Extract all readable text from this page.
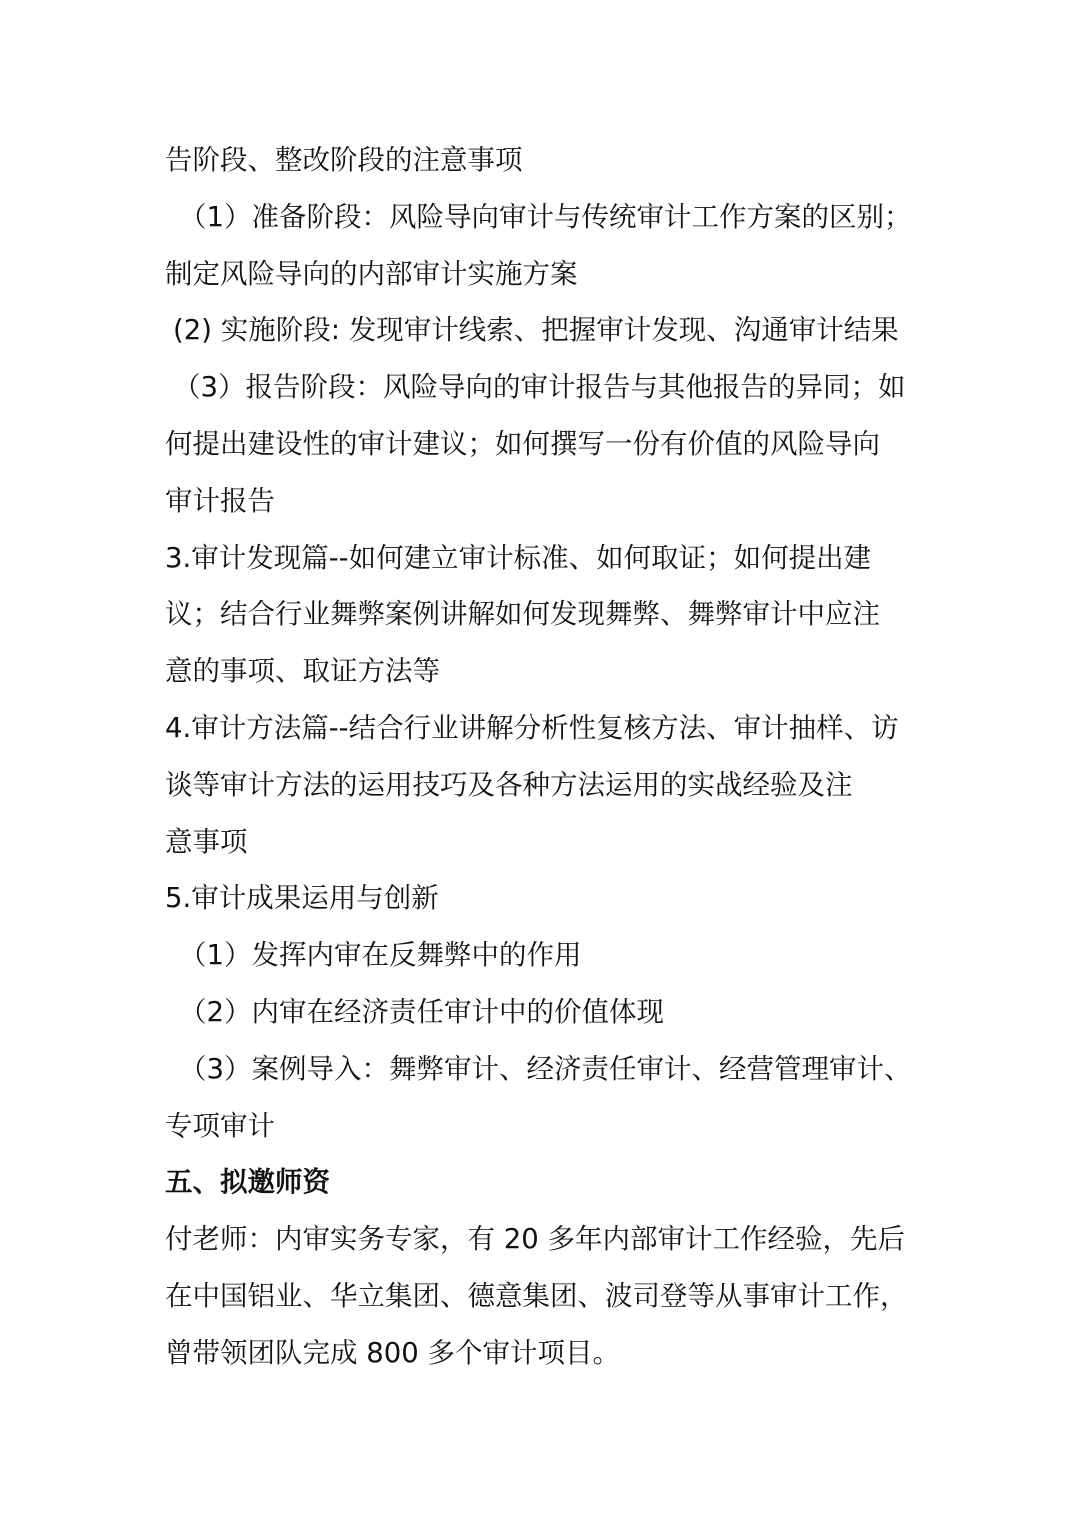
告阶段、整改阶段的注意事项
（1）准备阶段：风险导向审计与传统审计工作方案的区别；
制定风险导向的内部审计实施方案
(2) 实施阶段: 发现审计线索、把握审计发现、沟通审计结果
（3）报告阶段：风险导向的审计报告与其他报告的异同；如
何提出建设性的审计建议；如何撰写一份有价值的风险导向
审计报告
3.审计发现篇--如何建立审计标准、如何取证；如何提出建
议；结合行业舞弊案例讲解如何发现舞弊、舞弊审计中应注
意的事项、取证方法等
4.审计方法篇--结合行业讲解分析性复核方法、审计抽样、访
谈等审计方法的运用技巧及各种方法运用的实战经验及注
意事项
5.审计成果运用与创新
（1）发挥内审在反舞弊中的作用
（2）内审在经济责任审计中的价值体现
（3）案例导入：舞弊审计、经济责任审计、经营管理审计、
专项审计
五、拟邀师资
付老师：内审实务专家，有 20 多年内部审计工作经验，先后
在中国铝业、华立集团、德意集团、波司登等从事审计工作，
曾带领团队完成 800 多个审计项目。
